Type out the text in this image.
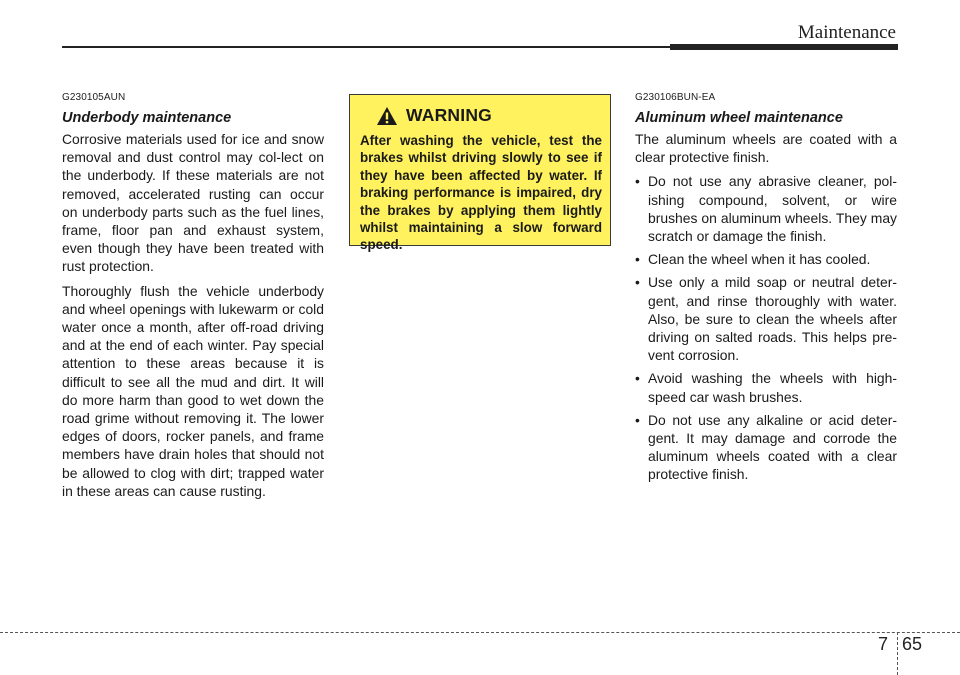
Maintenance
G230105AUN
Underbody maintenance

Corrosive materials used for ice and snow removal and dust control may col-lect on the underbody. If these materials are not removed, accelerated rusting can occur on underbody parts such as the fuel lines, frame, floor pan and exhaust system, even though they have been treated with rust protection.

Thoroughly flush the vehicle underbody and wheel openings with lukewarm or cold water once a month, after off-road driving and at the end of each winter. Pay special attention to these areas because it is difficult to see all the mud and dirt. It will do more harm than good to wet down the road grime without removing it. The lower edges of doors, rocker panels, and frame members have drain holes that should not be allowed to clog with dirt; trapped water in these areas can cause rusting.

WARNING

After washing the vehicle, test the brakes whilst driving slowly to see if they have been affected by water. If braking performance is impaired, dry the brakes by applying them lightly whilst maintaining a slow forward speed.

G230106BUN-EA
Aluminum wheel maintenance

The aluminum wheels are coated with a clear protective finish.

• Do not use any abrasive cleaner, pol-ishing compound, solvent, or wire brushes on aluminum wheels. They may scratch or damage the finish.
• Clean the wheel when it has cooled.
• Use only a mild soap or neutral deter-gent, and rinse thoroughly with water. Also, be sure to clean the wheels after driving on salted roads. This helps pre-vent corrosion.
• Avoid washing the wheels with high-speed car wash brushes.
• Do not use any alkaline or acid deter-gent. It may damage and corrode the aluminum wheels coated with a clear protective finish.
7 65
